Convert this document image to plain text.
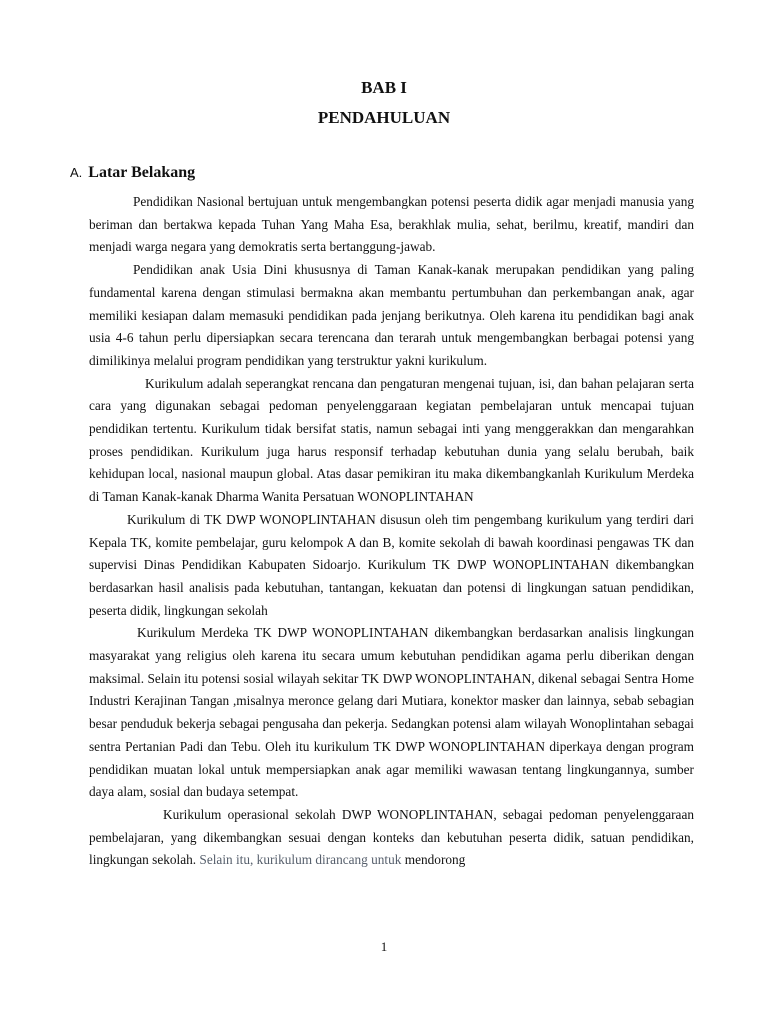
BAB I
PENDAHULUAN
A. Latar Belakang

Pendidikan Nasional bertujuan untuk mengembangkan potensi peserta didik agar menjadi manusia yang beriman dan bertakwa kepada Tuhan Yang Maha Esa, berakhlak mulia, sehat, berilmu, kreatif, mandiri dan menjadi warga negara yang demokratis serta bertanggung-jawab.

Pendidikan anak Usia Dini khususnya di Taman Kanak-kanak merupakan pendidikan yang paling fundamental karena dengan stimulasi bermakna akan membantu pertumbuhan dan perkembangan anak, agar memiliki kesiapan dalam memasuki pendidikan pada jenjang berikutnya. Oleh karena itu pendidikan bagi anak usia 4-6 tahun perlu dipersiapkan secara terencana dan terarah untuk mengembangkan berbagai potensi yang dimilikinya melalui program pendidikan yang terstruktur yakni kurikulum.

Kurikulum adalah seperangkat rencana dan pengaturan mengenai tujuan, isi, dan bahan pelajaran serta cara yang digunakan sebagai pedoman penyelenggaraan kegiatan pembelajaran untuk mencapai tujuan pendidikan tertentu. Kurikulum tidak bersifat statis, namun sebagai inti yang menggerakkan dan mengarahkan proses pendidikan. Kurikulum juga harus responsif terhadap kebutuhan dunia yang selalu berubah, baik kehidupan local, nasional maupun global. Atas dasar pemikiran itu maka dikembangkanlah Kurikulum Merdeka di Taman Kanak-kanak Dharma Wanita Persatuan WONOPLINTAHAN

Kurikulum di TK DWP WONOPLINTAHAN disusun oleh tim pengembang kurikulum yang terdiri dari Kepala TK, komite pembelajar, guru kelompok A dan B, komite sekolah di bawah koordinasi pengawas TK dan supervisi Dinas Pendidikan Kabupaten Sidoarjo. Kurikulum TK DWP WONOPLINTAHAN dikembangkan berdasarkan hasil analisis pada kebutuhan, tantangan, kekuatan dan potensi di lingkungan satuan pendidikan, peserta didik, lingkungan sekolah

Kurikulum Merdeka TK DWP WONOPLINTAHAN dikembangkan berdasarkan analisis lingkungan masyarakat yang religius oleh karena itu secara umum kebutuhan pendidikan agama perlu diberikan dengan maksimal. Selain itu potensi sosial wilayah sekitar TK DWP WONOPLINTAHAN, dikenal sebagai Sentra Home Industri Kerajinan Tangan ,misalnya meronce gelang dari Mutiara, konektor masker dan lainnya, sebab sebagian besar penduduk bekerja sebagai pengusaha dan pekerja. Sedangkan potensi alam wilayah Wonoplintahan sebagai sentra Pertanian Padi dan Tebu. Oleh itu kurikulum TK DWP WONOPLINTAHAN diperkaya dengan program pendidikan muatan lokal untuk mempersiapkan anak agar memiliki wawasan tentang lingkungannya, sumber daya alam, sosial dan budaya setempat.

Kurikulum operasional sekolah DWP WONOPLINTAHAN, sebagai pedoman penyelenggaraan pembelajaran, yang dikembangkan sesuai dengan konteks dan kebutuhan peserta didik, satuan pendidikan, lingkungan sekolah. Selain itu, kurikulum dirancang untuk mendorong

1
